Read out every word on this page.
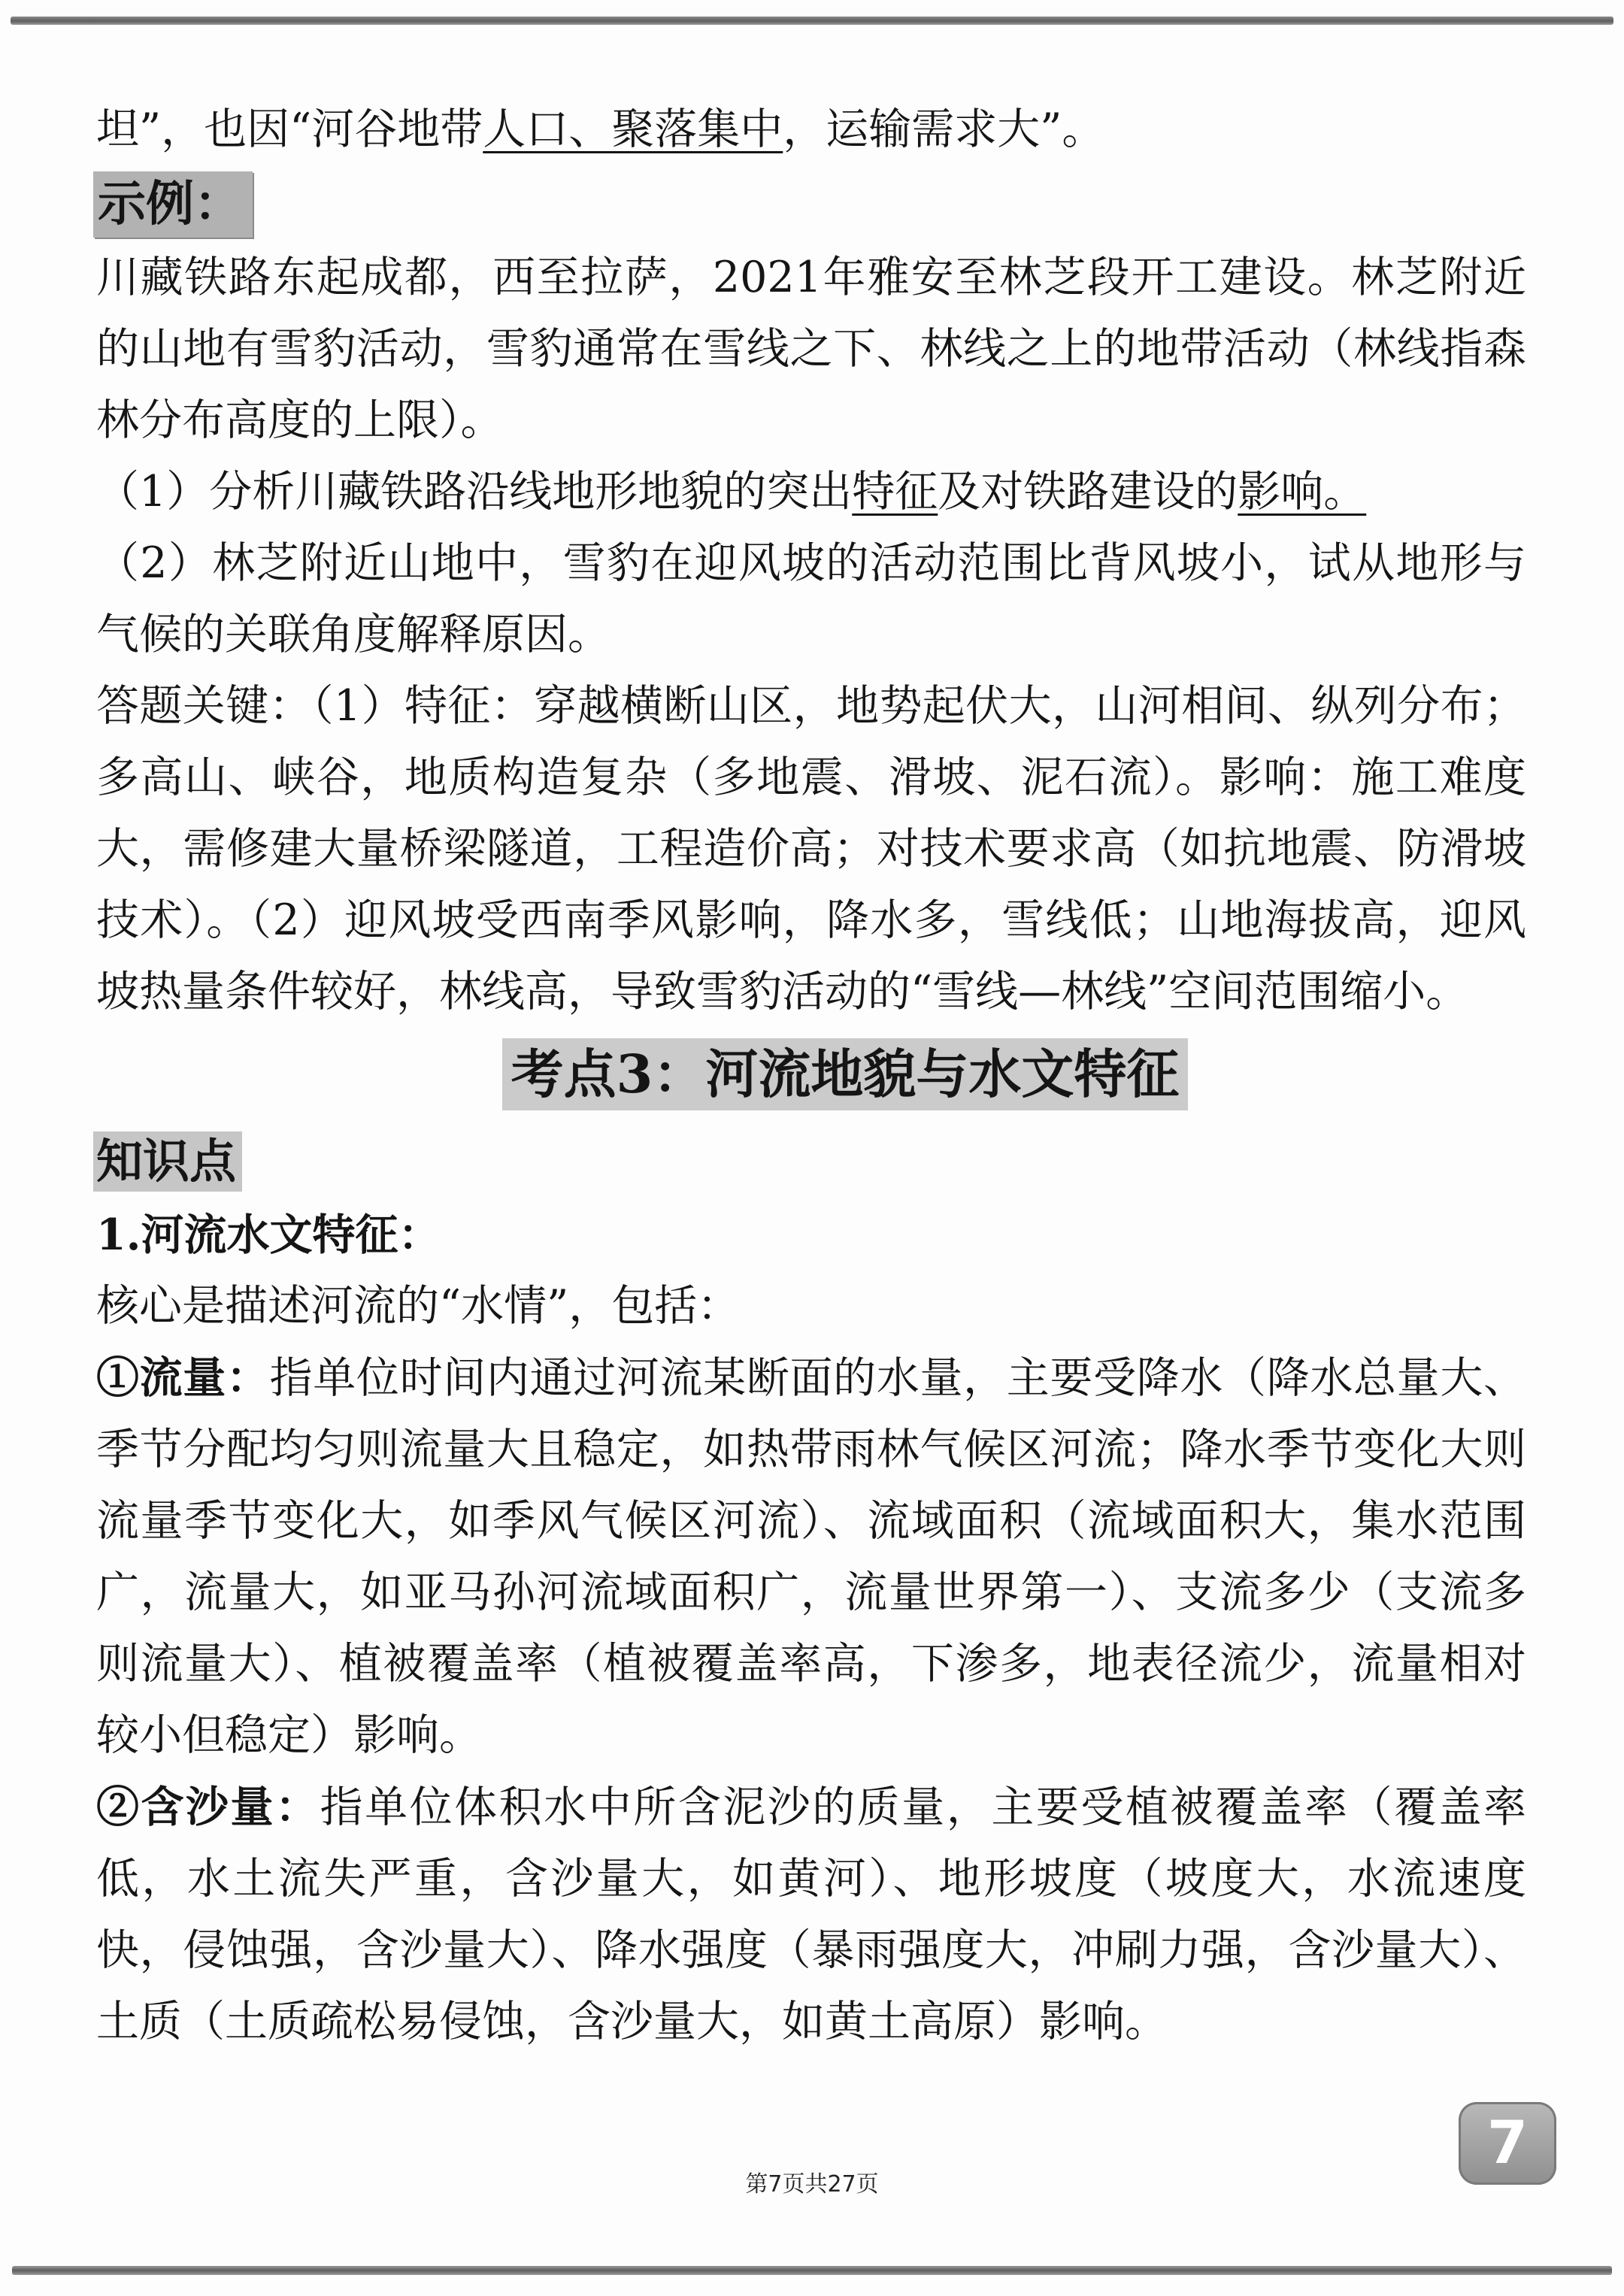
坦”，也因“河谷地带人口、聚落集中，运输需求大”。

示例：

川藏铁路东起成都，西至拉萨，2021年雅安至林芝段开工建设。林芝附近的山地有雪豹活动，雪豹通常在雪线之下、林线之上的地带活动（林线指森林分布高度的上限）。

（1）分析川藏铁路沿线地形地貌的突出特征及对铁路建设的影响。

（2）林芝附近山地中，雪豹在迎风坡的活动范围比背风坡小，试从地形与气候的关联角度解释原因。

答题关键：（1）特征：穿越横断山区，地势起伏大，山河相间、纵列分布；多高山、峡谷，地质构造复杂（多地震、滑坡、泥石流）。影响：施工难度大，需修建大量桥梁隧道，工程造价高；对技术要求高（如抗地震、防滑坡技术）。（2）迎风坡受西南季风影响，降水多，雪线低；山地海拔高，迎风坡热量条件较好，林线高，导致雪豹活动的“雪线—林线”空间范围缩小。

考点3：河流地貌与水文特征
知识点

1.河流水文特征：

核心是描述河流的“水情”，包括：

①流量：指单位时间内通过河流某断面的水量，主要受降水（降水总量大、季节分配均匀则流量大且稳定，如热带雨林气候区河流；降水季节变化大则流量季节变化大，如季风气候区河流）、流域面积（流域面积大，集水范围广，流量大，如亚马孙河流域面积广，流量世界第一）、支流多少（支流多则流量大）、植被覆盖率（植被覆盖率高，下渗多，地表径流少，流量相对较小但稳定）影响。

②含沙量：指单位体积水中所含泥沙的质量，主要受植被覆盖率（覆盖率低，水土流失严重，含沙量大，如黄河）、地形坡度（坡度大，水流速度快，侵蚀强，含沙量大）、降水强度（暴雨强度大，冲刷力强，含沙量大）、土质（土质疏松易侵蚀，含沙量大，如黄土高原）影响。

第7页共27页
7
